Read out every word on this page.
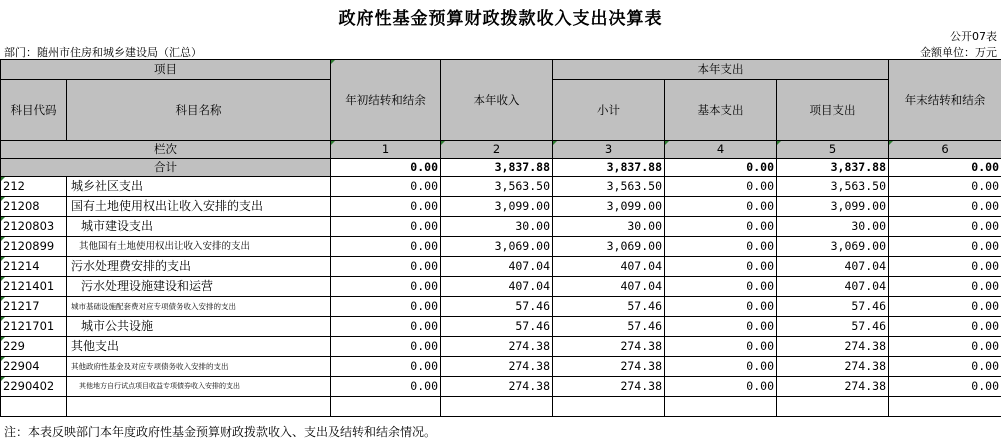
政府性基金预算财政拨款收入支出决算表
公开07表
部门：随州市住房和城乡建设局（汇总）	金额单位：万元
项目		年初结转和结余	本年收入	本年支出			年末结转和结余
科目代码	科目名称			小计	基本支出	项目支出	
栏次		1	2	3	4	5	6
合计		0.00	3,837.88	3,837.88	0.00	3,837.88	0.00
212	城乡社区支出	0.00	3,563.50	3,563.50	0.00	3,563.50	0.00
21208	国有土地使用权出让收入安排的支出	0.00	3,099.00	3,099.00	0.00	3,099.00	0.00
2120803	城市建设支出	0.00	30.00	30.00	0.00	30.00	0.00
2120899	其他国有土地使用权出让收入安排的支出	0.00	3,069.00	3,069.00	0.00	3,069.00	0.00
21214	污水处理费安排的支出	0.00	407.04	407.04	0.00	407.04	0.00
2121401	污水处理设施建设和运营	0.00	407.04	407.04	0.00	407.04	0.00
21217	城市基础设施配套费对应专项债务收入安排的支出	0.00	57.46	57.46	0.00	57.46	0.00
2121701	城市公共设施	0.00	57.46	57.46	0.00	57.46	0.00
229	其他支出	0.00	274.38	274.38	0.00	274.38	0.00
22904	其他政府性基金及对应专项债务收入安排的支出	0.00	274.38	274.38	0.00	274.38	0.00
2290402	其他地方自行试点项目收益专项债券收入安排的支出	0.00	274.38	274.38	0.00	274.38	0.00

注：本表反映部门本年度政府性基金预算财政拨款收入、支出及结转和结余情况。
